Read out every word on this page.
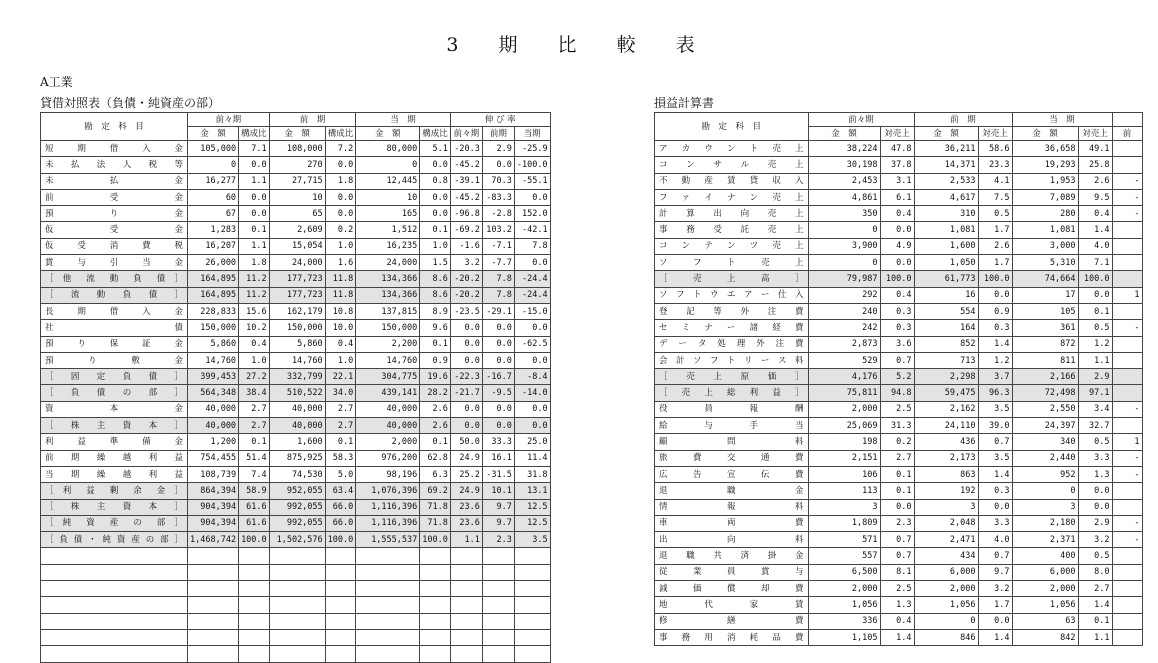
3 期 比 較 表
A工業
貸借対照表（負債・純資産の部）	損益計算書
勘　定　科　目	前々期		前　期		当　期		伸 び 率		
	金　額	構成比	金　額	構成比	金　額	構成比	前々期	前期	当期
短　期　借　入　金	105,000	7.1	108,000	7.2	80,000	5.1	-20.3	2.9	-25.9
未　払　法　人　税　等	0	0.0	270	0.0	0	0.0	-45.2	0.0	-100.0
未　　　　　払　　　　　金	16,277	1.1	27,715	1.8	12,445	0.8	-39.1	70.3	-55.1
前　　　　　受　　　　　金	60	0.0	10	0.0	10	0.0	-45.2	-83.3	0.0
預　　　　　り　　　　　金	67	0.0	65	0.0	165	0.0	-96.8	-2.8	152.0
仮　　　　　受　　　　　金	1,283	0.1	2,609	0.2	1,512	0.1	-69.2	103.2	-42.1
仮　受　消　費　税	16,207	1.1	15,054	1.0	16,235	1.0	-1.6	-7.1	7.8
賞　与　引　当　金	26,000	1.8	24,000	1.6	24,000	1.5	3.2	-7.7	0.0
［ 他　流　動　負　債 ］	164,895	11.2	177,723	11.8	134,366	8.6	-20.2	7.8	-24.4
［　流　動　負　債　］	164,895	11.2	177,723	11.8	134,366	8.6	-20.2	7.8	-24.4
長　期　借　入　金	228,833	15.6	162,179	10.8	137,815	8.9	-23.5	-29.1	-15.0
社　　　　　　　　　　　債	150,000	10.2	150,000	10.0	150,000	9.6	0.0	0.0	0.0
預　り　保　証　金	5,860	0.4	5,860	0.4	2,200	0.1	0.0	0.0	-62.5
預　　　り　　　敷　　　金	14,760	1.0	14,760	1.0	14,760	0.9	0.0	0.0	0.0
［　固　定　負　債　］	399,453	27.2	332,799	22.1	304,775	19.6	-22.3	-16.7	-8.4
［　負　債　の　部　］	564,348	38.4	510,522	34.0	439,141	28.2	-21.7	-9.5	-14.0
資　　　　　本　　　　　金	40,000	2.7	40,000	2.7	40,000	2.6	0.0	0.0	0.0
［　株　主　資　本　］	40,000	2.7	40,000	2.7	40,000	2.6	0.0	0.0	0.0
利　益　準　備　金	1,200	0.1	1,600	0.1	2,000	0.1	50.0	33.3	25.0
前　期　繰　越　利　益	754,455	51.4	875,925	58.3	976,200	62.8	24.9	16.1	11.4
当　期　繰　越　利　益	108,739	7.4	74,530	5.0	98,196	6.3	25.2	-31.5	31.8
［ 利　益　剰　余　金 ］	864,394	58.9	952,055	63.4	1,076,396	69.2	24.9	10.1	13.1
［　株　主　資　本　］	904,394	61.6	992,055	66.0	1,116,396	71.8	23.6	9.7	12.5
［ 純　資　産　の　部 ］	904,394	61.6	992,055	66.0	1,116,396	71.8	23.6	9.7	12.5
［負債・純資産の部］	1,468,742	100.0	1,502,576	100.0	1,555,537	100.0	1.1	2.3	3.5

勘　定　科　目	前々期		前　期		当　期		
	金　額	対売上	金　額	対売上	金　額	対売上	前
ア　カ　ウ　ン　ト　売　上	38,224	47.8	36,211	58.6	36,658	49.1	
コ　ン　サ　ル　売　上	30,198	37.8	14,371	23.3	19,293	25.8	
不　動　産　賃　貸　収　入	2,453	3.1	2,533	4.1	1,953	2.6	-
フ　ァ　イ　ナ　ン　売　上	4,861	6.1	4,617	7.5	7,089	9.5	-
計　算　出　向　売　上	350	0.4	310	0.5	280	0.4	-
事　務　受　託　売　上	0	0.0	1,081	1.7	1,081	1.4	
コ　ン　テ　ン　ツ　売　上	3,900	4.9	1,600	2.6	3,000	4.0	
ソ　　フ　　ト　　売　　上	0	0.0	1,050	1.7	5,310	7.1	
［　　売　　上　　高　　］	79,987	100.0	61,773	100.0	74,664	100.0	
ソ　フ　ト　ウ　エ　ア　ー　仕　入	292	0.4	16	0.0	17	0.0	1
登　記　等　外　注　費	240	0.3	554	0.9	105	0.1	
セ　ミ　ナ　ー　諸　経　費	242	0.3	164	0.3	361	0.5	-
デ　ー　タ　処　理　外　注　費	2,873	3.6	852	1.4	872	1.2	
会　計　ソ　フ　ト　リ　ー　ス　料	529	0.7	713	1.2	811	1.1	
［　売　上　原　価　］	4,176	5.2	2,298	3.7	2,166	2.9	
［　売　上　総　利　益　］	75,811	94.8	59,475	96.3	72,498	97.1	
役　　　員　　　報　　　酬	2,000	2.5	2,162	3.5	2,550	3.4	-
給　　　与　　　手　　　当	25,069	31.3	24,110	39.0	24,397	32.7	
顧　　　　　問　　　　　料	198	0.2	436	0.7	340	0.5	1
旅　　費　　交　　通　　費	2,151	2.7	2,173	3.5	2,440	3.3	-
広　　告　　宣　　伝　　費	106	0.1	863	1.4	952	1.3	-
退　　　　　職　　　　　金	113	0.1	192	0.3	0	0.0	
情　　　　　報　　　　　料	3	0.0	3	0.0	3	0.0	
車　　　　　両　　　　　費	1,809	2.3	2,048	3.3	2,180	2.9	-
出　　　　　向　　　　　料	571	0.7	2,471	4.0	2,371	3.2	-
退　職　共　済　掛　金	557	0.7	434	0.7	400	0.5	
従　　業　　員　　賞　　与	6,500	8.1	6,000	9.7	6,000	8.0	
減　　価　　償　　却　　費	2,000	2.5	2,000	3.2	2,000	2.7	
地　　　　代　　　　家　　　　賃	1,056	1.3	1,056	1.7	1,056	1.4	
修　　　　　繕　　　　　費	336	0.4	0	0.0	63	0.1	
事　務　用　消　耗　品　費	1,105	1.4	846	1.4	842	1.1	
